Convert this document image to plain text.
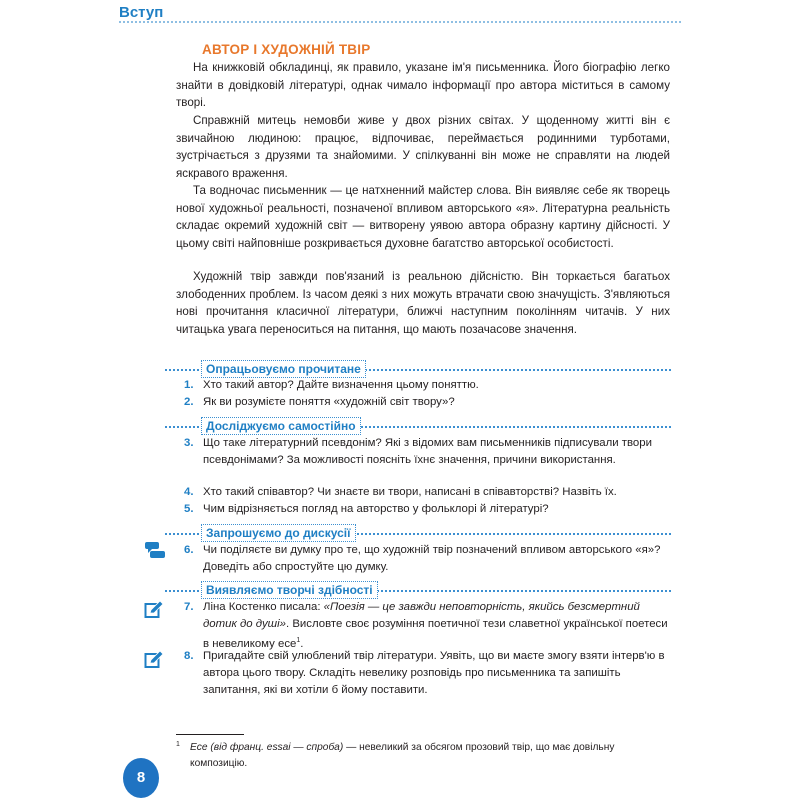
Вступ
АВТОР І ХУДОЖНІЙ ТВІР

На книжковій обкладинці, як правило, указане ім'я письменника. Його біографію легко знайти в довідковій літературі, однак чимало інформації про автора міститься в самому творі.

Справжній митець немовби живе у двох різних світах. У щоденному житті він є звичайною людиною: працює, відпочиває, переймається родинними турботами, зустрічається з друзями та знайомими. У спілкуванні він може не справляти на людей яскравого враження.

Та водночас письменник — це натхненний майстер слова. Він виявляє себе як творець нової художньої реальності, позначеної впливом авторського «я». Літературна реальність складає окремий художній світ — витворену уявою автора образну картину дійсності. У цьому світі найповніше розкривається духовне багатство авторської особистості.

Художній твір завжди пов'язаний із реальною дійсністю. Він торкається багатьох злободенних проблем. Із часом деякі з них можуть втрачати свою значущість. З'являються нові прочитання класичної літератури, ближчі наступним поколінням читачів. У них читацька увага переноситься на питання, що мають позачасове значення.

Опрацьовуємо прочитане
1. Хто такий автор? Дайте визначення цьому поняттю.
2. Як ви розумієте поняття «художній світ твору»?
Досліджуємо самостійно
3. Що таке літературний псевдонім? Які з відомих вам письменників підписували твори псевдонімами? За можливості поясніть їхнє значення, причини використання.
4. Хто такий співавтор? Чи знаєте ви твори, написані в співавторстві? Назвіть їх.
5. Чим відрізняється погляд на авторство у фольклорі й літературі?
Запрошуємо до дискусії
6. Чи поділяєте ви думку про те, що художній твір позначений впливом авторського «я»? Доведіть або спростуйте цю думку.
Виявляємо творчі здібності
7. Ліна Костенко писала: «Поезія — це завжди неповторність, якийсь безсмертний дотик до душі». Висловте своє розуміння поетичної тези славетної української поетеси в невеликому есе$^1$.
8. Пригадайте свій улюблений твір літератури. Уявіть, що ви маєте змогу взяти інтерв'ю в автора цього твору. Складіть невелику розповідь про письменника та запишіть запитання, які ви хотіли б йому поставити.
1 Есе (від франц. essai — спроба) — невеликий за обсягом прозовий твір, що має довільну композицію.
8
